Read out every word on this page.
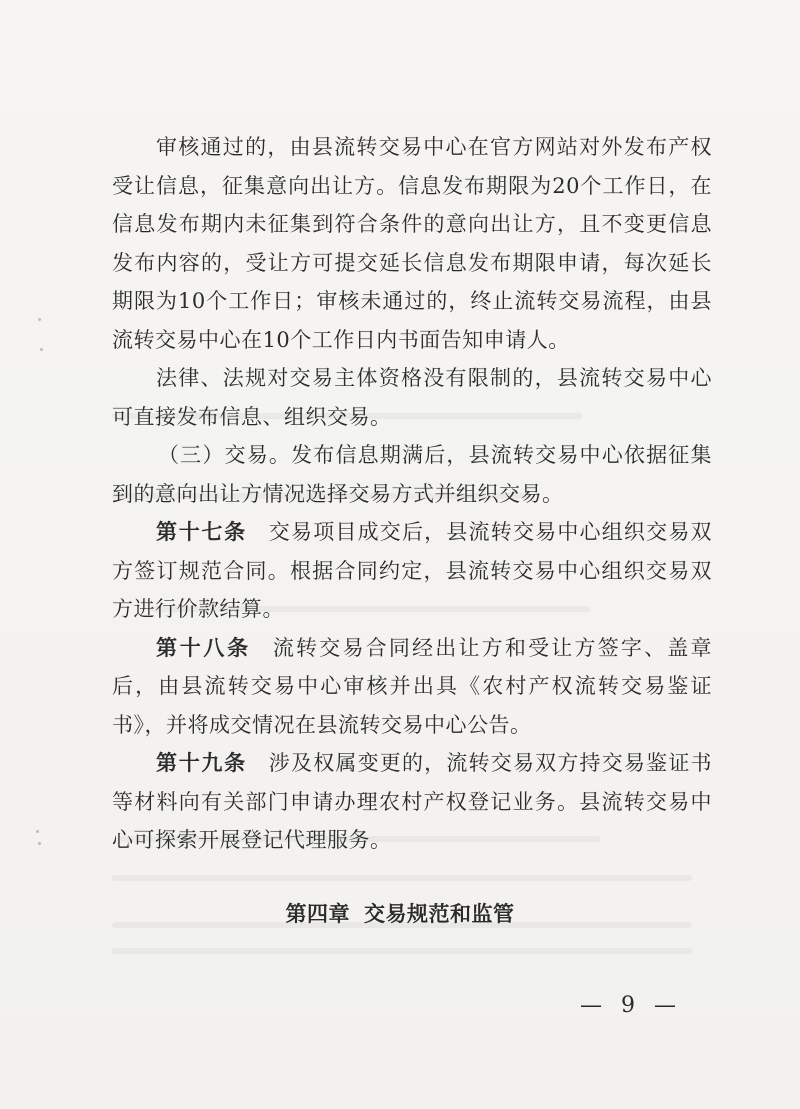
审核通过的，由县流转交易中心在官方网站对外发布产权受让信息，征集意向出让方。信息发布期限为20个工作日，在信息发布期内未征集到符合条件的意向出让方，且不变更信息发布内容的，受让方可提交延长信息发布期限申请，每次延长期限为10个工作日；审核未通过的，终止流转交易流程，由县流转交易中心在10个工作日内书面告知申请人。

法律、法规对交易主体资格没有限制的，县流转交易中心可直接发布信息、组织交易。

（三）交易。发布信息期满后，县流转交易中心依据征集到的意向出让方情况选择交易方式并组织交易。

第十七条 交易项目成交后，县流转交易中心组织交易双方签订规范合同。根据合同约定，县流转交易中心组织交易双方进行价款结算。

第十八条 流转交易合同经出让方和受让方签字、盖章后，由县流转交易中心审核并出具《农村产权流转交易鉴证书》，并将成交情况在县流转交易中心公告。

第十九条 涉及权属变更的，流转交易双方持交易鉴证书等材料向有关部门申请办理农村产权登记业务。县流转交易中心可探索开展登记代理服务。

第四章 交易规范和监管
— 9 —
